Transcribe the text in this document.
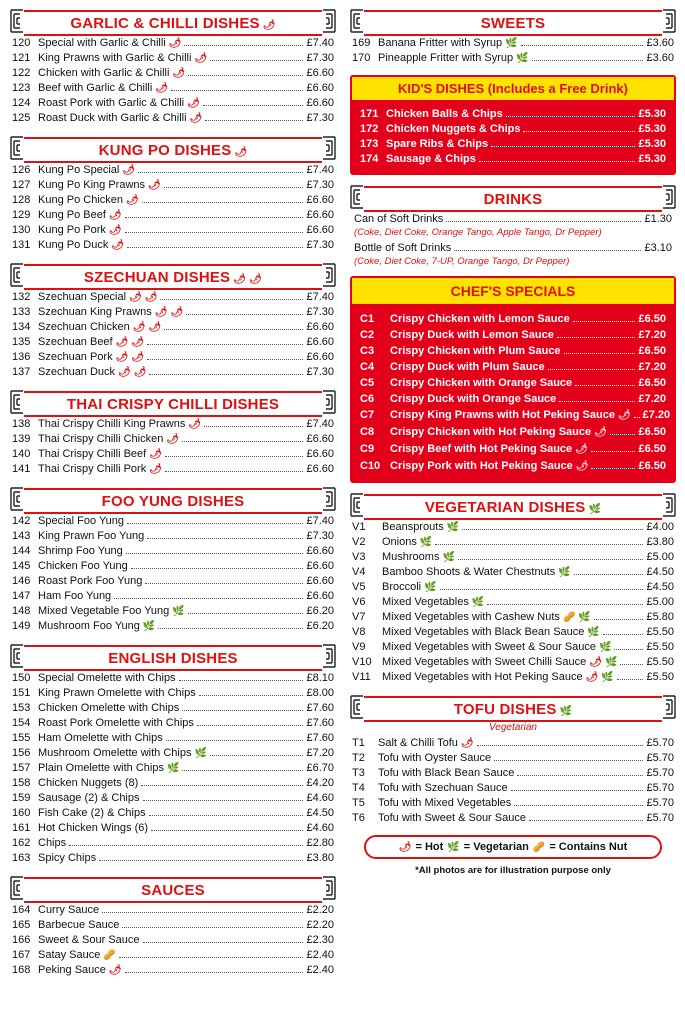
GARLIC & CHILLI DISHES 🌶
120 Special with Garlic & Chilli 🌶	£7.40
121 King Prawns with Garlic & Chilli 🌶	£7.30
122 Chicken with Garlic & Chilli 🌶	£6.60
123 Beef with Garlic & Chilli 🌶	£6.60
124 Roast Pork with Garlic & Chilli 🌶	£6.60
125 Roast Duck with Garlic & Chilli 🌶	£7.30
KUNG PO DISHES 🌶
126 Kung Po Special 🌶	£7.40
127 Kung Po King Prawns 🌶	£7.30
128 Kung Po Chicken 🌶	£6.60
129 Kung Po Beef 🌶	£6.60
130 Kung Po Pork 🌶	£6.60
131 Kung Po Duck 🌶	£7.30
SZECHUAN DISHES 🌶 🌶
132 Szechuan Special 🌶 🌶	£7.40
133 Szechuan King Prawns 🌶 🌶	£7.30
134 Szechuan Chicken 🌶 🌶	£6.60
135 Szechuan Beef 🌶 🌶	£6.60
136 Szechuan Pork 🌶 🌶	£6.60
137 Szechuan Duck 🌶 🌶	£7.30
THAI CRISPY CHILLI DISHES
138 Thai Crispy Chilli King Prawns 🌶	£7.40
139 Thai Crispy Chilli Chicken 🌶	£6.60
140 Thai Crispy Chilli Beef 🌶	£6.60
141 Thai Crispy Chilli Pork 🌶	£6.60
FOO YUNG DISHES
142 Special Foo Yung	£7.40
143 King Prawn Foo Yung	£7.30
144 Shrimp Foo Yung	£6.60
145 Chicken Foo Yung	£6.60
146 Roast Pork Foo Yung	£6.60
147 Ham Foo Yung	£6.60
148 Mixed Vegetable Foo Yung 🌿	£6.20
149 Mushroom Foo Yung 🌿	£6.20
ENGLISH DISHES
150 Special Omelette with Chips	£8.10
151 King Prawn Omelette with Chips	£8.00
153 Chicken Omelette with Chips	£7.60
154 Roast Pork Omelette with Chips	£7.60
155 Ham Omelette with Chips	£7.60
156 Mushroom Omelette with Chips 🌿	£7.20
157 Plain Omelette with Chips 🌿	£6.70
158 Chicken Nuggets (8)	£4.20
159 Sausage (2) & Chips	£4.60
160 Fish Cake (2) & Chips	£4.50
161 Hot Chicken Wings (6)	£4.60
162 Chips	£2.80
163 Spicy Chips	£3.80
SAUCES
164 Curry Sauce	£2.20
165 Barbecue Sauce	£2.20
166 Sweet & Sour Sauce	£2.30
167 Satay Sauce 🥜	£2.40
168 Peking Sauce 🌶	£2.40
SWEETS
169 Banana Fritter with Syrup 🌿	£3.60
170 Pineapple Fritter with Syrup 🌿	£3.60
KID'S DISHES (Includes a Free Drink)
171 Chicken Balls & Chips	£5.30
172 Chicken Nuggets & Chips	£5.30
173 Spare Ribs & Chips	£5.30
174 Sausage & Chips	£5.30
DRINKS
Can of Soft Drinks	£1.30
(Coke, Diet Coke, Orange Tango, Apple Tango, Dr Pepper)
Bottle of Soft Drinks	£3.10
(Coke, Diet Coke, 7-UP, Orange Tango, Dr Pepper)
CHEF'S SPECIALS
C1	Crispy Chicken with Lemon Sauce	£6.50
C2	Crispy Duck with Lemon Sauce	£7.20
C3	Crispy Chicken with Plum Sauce	£6.50
C4	Crispy Duck with Plum Sauce	£7.20
C5	Crispy Chicken with Orange Sauce	£6.50
C6	Crispy Duck with Orange Sauce	£7.20
C7	Crispy King Prawns with Hot Peking Sauce 🌶 £7.20
C8	Crispy Chicken with Hot Peking Sauce 🌶	£6.50
C9	Crispy Beef with Hot Peking Sauce 🌶	£6.50
C10 Crispy Pork with Hot Peking Sauce 🌶	£6.50
VEGETARIAN DISHES 🌿
V1	Beansprouts 🌿	£4.00
V2	Onions 🌿	£3.80
V3	Mushrooms 🌿	£5.00
V4	Bamboo Shoots & Water Chestnuts 🌿	£4.50
V5	Broccoli 🌿	£4.50
V6	Mixed Vegetables 🌿	£5.00
V7	Mixed Vegetables with Cashew Nuts 🥜 🌿	£5.80
V8	Mixed Vegetables with Black Bean Sauce 🌿	£5.50
V9	Mixed Vegetables with Sweet & Sour Sauce 🌿	£5.50
V10 Mixed Vegetables with Sweet Chilli Sauce 🌶 🌿	£5.50
V11	Mixed Vegetables with Hot Peking Sauce 🌶 🌿	£5.50
TOFU DISHES 🌿
Vegetarian
T1	Salt & Chilli Tofu 🌶	£5.70
T2	Tofu with Oyster Sauce	£5.70
T3	Tofu with Black Bean Sauce	£5.70
T4	Tofu with Szechuan Sauce	£5.70
T5	Tofu with Mixed Vegetables	£5.70
T6	Tofu with Sweet & Sour Sauce	£5.70
🌶 = Hot 🌿 = Vegetarian 🥜 = Contains Nut
*All photos are for illustration purpose only
